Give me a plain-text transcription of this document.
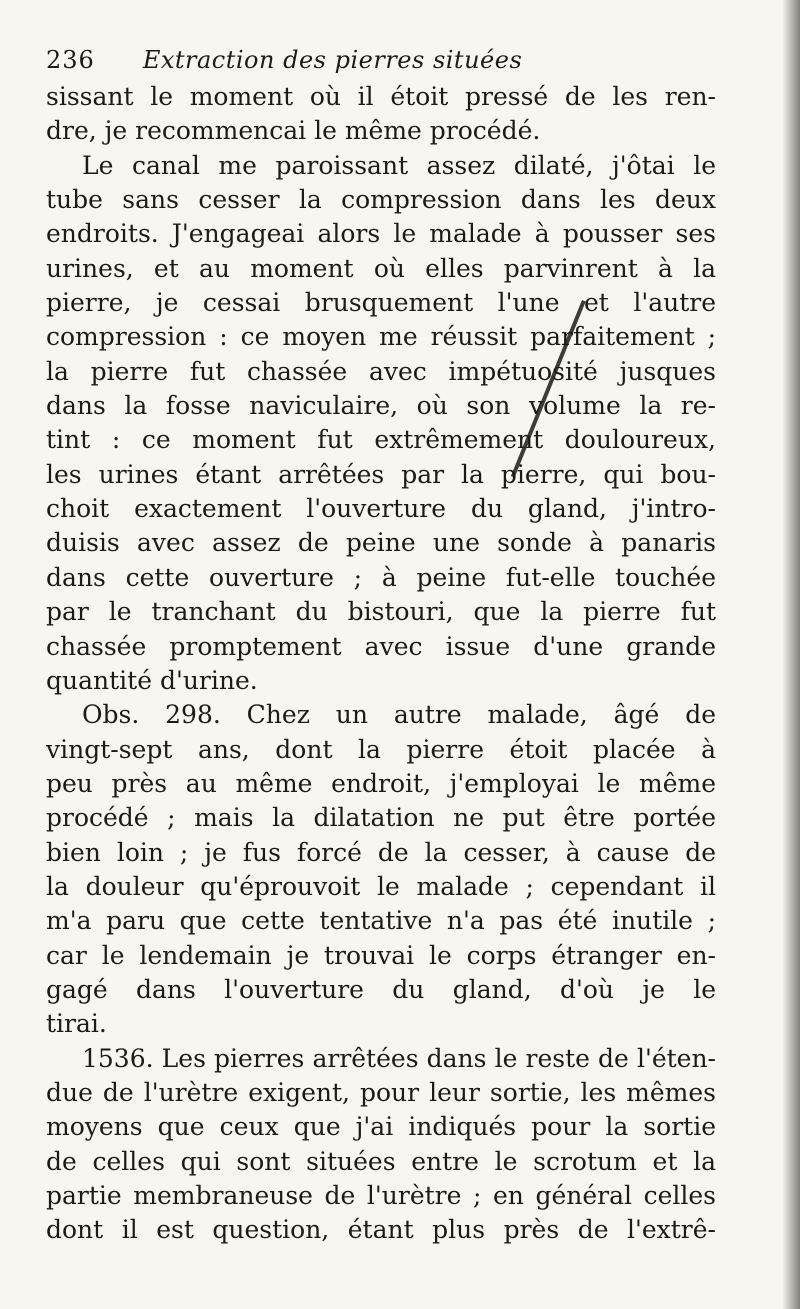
236 Extraction des pierres situées
sissant le moment où il étoit pressé de les ren-
dre, je recommencai le même procédé.
Le canal me paroissant assez dilaté, j'ôtai le
tube sans cesser la compression dans les deux
endroits. J'engageai alors le malade à pousser ses
urines, et au moment où elles parvinrent à la
pierre, je cessai brusquement l'une et l'autre
compression : ce moyen me réussit parfaitement ;
la pierre fut chassée avec impétuosité jusques
dans la fosse naviculaire, où son volume la re-
tint : ce moment fut extrêmement douloureux,
les urines étant arrêtées par la pierre, qui bou-
choit exactement l'ouverture du gland, j'intro-
duisis avec assez de peine une sonde à panaris
dans cette ouverture ; à peine fut-elle touchée
par le tranchant du bistouri, que la pierre fut
chassée promptement avec issue d'une grande
quantité d'urine.
Obs. 298. Chez un autre malade, âgé de
vingt-sept ans, dont la pierre étoit placée à
peu près au même endroit, j'employai le même
procédé ; mais la dilatation ne put être portée
bien loin ; je fus forcé de la cesser, à cause de
la douleur qu'éprouvoit le malade ; cependant il
m'a paru que cette tentative n'a pas été inutile ;
car le lendemain je trouvai le corps étranger en-
gagé dans l'ouverture du gland, d'où je le
tirai.
1536. Les pierres arrêtées dans le reste de l'éten-
due de l'urètre exigent, pour leur sortie, les mêmes
moyens que ceux que j'ai indiqués pour la sortie
de celles qui sont situées entre le scrotum et la
partie membraneuse de l'urètre ; en général celles
dont il est question, étant plus près de l'extrê-
